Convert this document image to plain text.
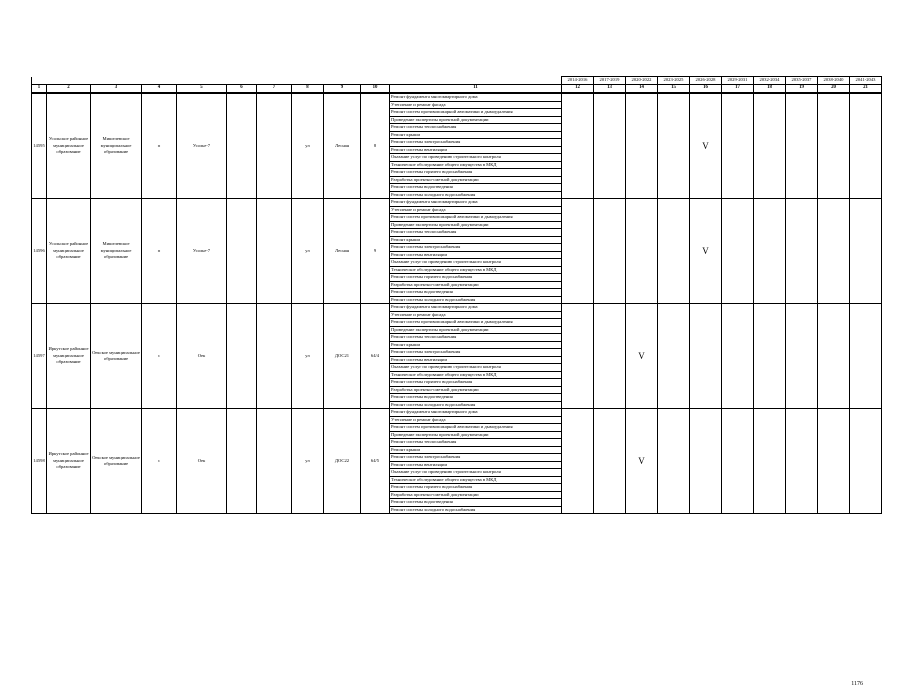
											2014-2016	2017-2019	2020-2022	2023-2025	2026-2028	2029-2031	2032-2034	2035-2037	2038-2040	2041-2043
1	2	3	4	5	6	7	8	9	10	11	12	13	14	15	16	17	18	19	20	21
14595	Усольское районное муниципальное образование	Мишелевское муниципальное образование	п	Усолье-7			ул	Лесная	8	Ремонт фундамента многоквартирного дома					V					
										Утепление и ремонт фасада										
										Ремонт систем противопожарной автоматики и дымоудаления										
										Проведение экспертизы проектной документации										
										Ремонт системы теплоснабжения										
										Ремонт крыши										
										Ремонт системы электроснабжения										
										Ремонт системы вентиляции										
										Оказание услуг по проведению строительного контроля										
										Техническое обследование общего имущества в МКД										
										Ремонт системы горячего водоснабжения										
										Разработка проектно-сметной документации										
										Ремонт системы водоотведения										
										Ремонт системы холодного водоснабжения										
14596	Усольское районное муниципальное образование	Мишелевское муниципальное образование	п	Усолье-7			ул	Лесная	9	Ремонт фундамента многоквартирного дома					V					
										Утепление и ремонт фасада										
										Ремонт систем противопожарной автоматики и дымоудаления										
										Проведение экспертизы проектной документации										
										Ремонт системы теплоснабжения										
										Ремонт крыши										
										Ремонт системы электроснабжения										
										Ремонт системы вентиляции										
										Оказание услуг по проведению строительного контроля										
										Техническое обследование общего имущества в МКД										
										Ремонт системы горячего водоснабжения										
										Разработка проектно-сметной документации										
										Ремонт системы водоотведения										
										Ремонт системы холодного водоснабжения										
14597	Иркутское районное муниципальное образование	Оекское муниципальное образование	с	Оек			ул	ДОС21	64/4	Ремонт фундамента многоквартирного дома			V							
										Утепление и ремонт фасада										
										Ремонт систем противопожарной автоматики и дымоудаления										
										Проведение экспертизы проектной документации										
										Ремонт системы теплоснабжения										
										Ремонт крыши										
										Ремонт системы электроснабжения										
										Ремонт системы вентиляции										
										Оказание услуг по проведению строительного контроля										
										Техническое обследование общего имущества в МКД										
										Ремонт системы горячего водоснабжения										
										Разработка проектно-сметной документации										
										Ремонт системы водоотведения										
										Ремонт системы холодного водоснабжения										
14598	Иркутское районное муниципальное образование	Оекское муниципальное образование	с	Оек			ул	ДОС22	64/5	Ремонт фундамента многоквартирного дома			V							
										Утепление и ремонт фасада										
										Ремонт систем противопожарной автоматики и дымоудаления										
										Проведение экспертизы проектной документации										
										Ремонт системы теплоснабжения										
										Ремонт крыши										
										Ремонт системы электроснабжения										
										Ремонт системы вентиляции										
										Оказание услуг по проведению строительного контроля										
										Техническое обследование общего имущества в МКД										
										Ремонт системы горячего водоснабжения										
										Разработка проектно-сметной документации										
										Ремонт системы водоотведения										
										Ремонт системы холодного водоснабжения										
1176
